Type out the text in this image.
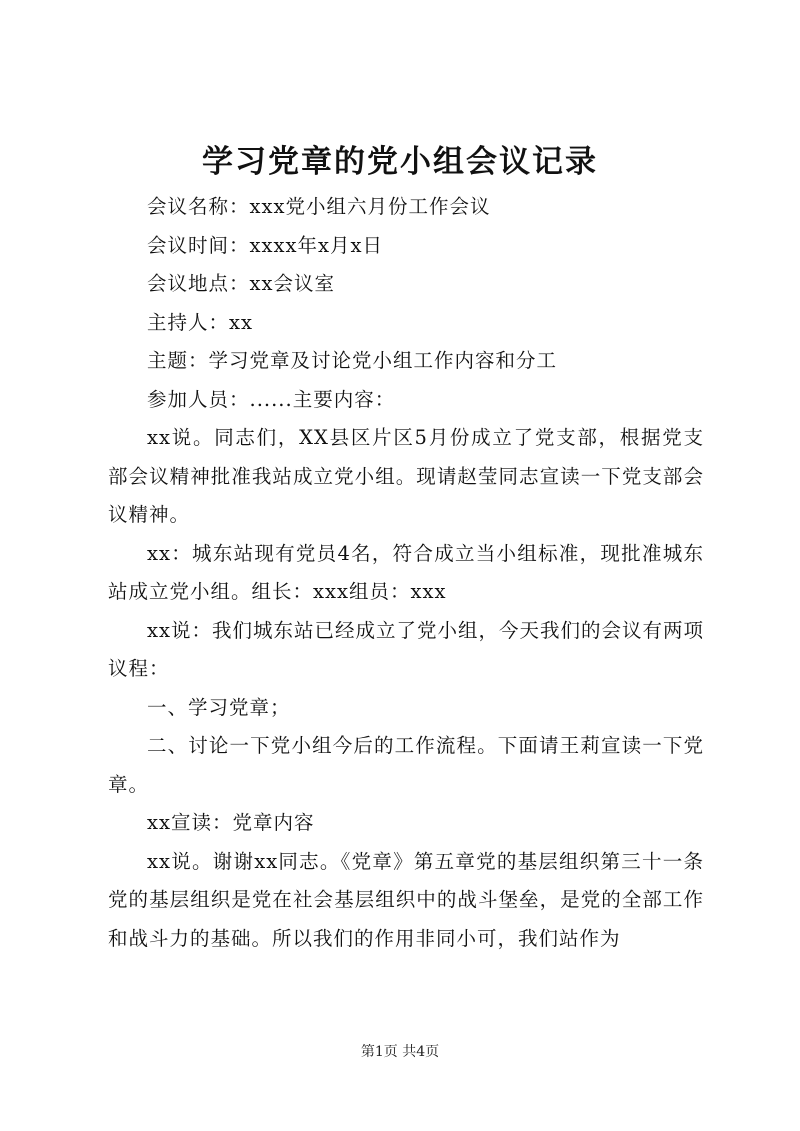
学习党章的党小组会议记录

会议名称：xxx党小组六月份工作会议

会议时间：xxxx年x月x日

会议地点：xx会议室

主持人：xx

主题：学习党章及讨论党小组工作内容和分工

参加人员：......主要内容：

xx说。同志们，XX县区片区5月份成立了党支部，根据党支部会议精神批准我站成立党小组。现请赵莹同志宣读一下党支部会议精神。

xx：城东站现有党员4名，符合成立当小组标准，现批准城东站成立党小组。组长：xxx组员：xxx

xx说：我们城东站已经成立了党小组，今天我们的会议有两项议程：

一、学习党章；

二、讨论一下党小组今后的工作流程。下面请王莉宣读一下党章。

xx宣读：党章内容

xx说。谢谢xx同志。《党章》第五章党的基层组织第三十一条党的基层组织是党在社会基层组织中的战斗堡垒，是党的全部工作和战斗力的基础。所以我们的作用非同小可，我们站作为

第1页 共4页
